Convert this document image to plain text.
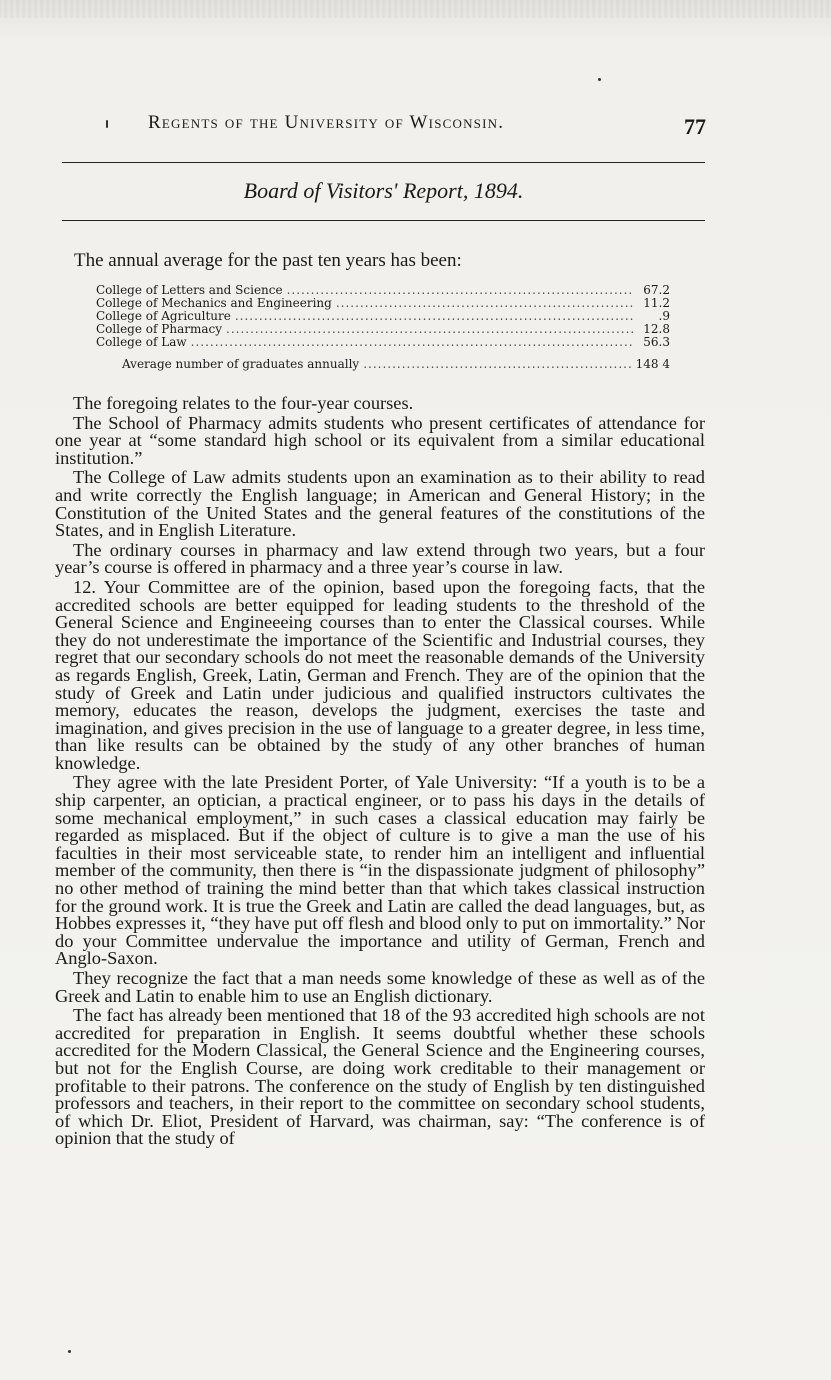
Regents of the University of Wisconsin.	77
Board of Visitors' Report, 1894.
The annual average for the past ten years has been:
College of Letters and Science .....	67.2
College of Mechanics and Engineering .....	11.2
College of Agriculture .....	.9
College of Pharmacy .....	12.8
College of Law .....	56.3
Average number of graduates annually .....	148 4

The foregoing relates to the four-year courses.

The School of Pharmacy admits students who present certificates of attendance for one year at “some standard high school or its equivalent from a similar educational institution.”

The College of Law admits students upon an examination as to their ability to read and write correctly the English language; in American and General History; in the Constitution of the United States and the general features of the constitutions of the States, and in English Literature.

The ordinary courses in pharmacy and law extend through two years, but a four year’s course is offered in pharmacy and a three year’s course in law.

12. Your Committee are of the opinion, based upon the foregoing facts, that the accredited schools are better equipped for leading students to the threshold of the General Science and Engineeeing courses than to enter the Classical courses. While they do not underestimate the importance of the Scientific and Industrial courses, they regret that our secondary schools do not meet the reasonable demands of the University as regards English, Greek, Latin, German and French. They are of the opinion that the study of Greek and Latin under judicious and qualified instructors cultivates the memory, educates the reason, develops the judgment, exercises the taste and imagination, and gives precision in the use of language to a greater degree, in less time, than like results can be obtained by the study of any other branches of human knowledge.

They agree with the late President Porter, of Yale University: “If a youth is to be a ship carpenter, an optician, a practical engineer, or to pass his days in the details of some mechanical employment,” in such cases a classical education may fairly be regarded as misplaced. But if the object of culture is to give a man the use of his faculties in their most serviceable state, to render him an intelligent and influential member of the community, then there is “in the dispassionate judgment of philosophy” no other method of training the mind better than that which takes classical instruction for the ground work. It is true the Greek and Latin are called the dead languages, but, as Hobbes expresses it, “they have put off flesh and blood only to put on immortality.” Nor do your Committee undervalue the importance and utility of German, French and Anglo-Saxon.

They recognize the fact that a man needs some knowledge of these as well as of the Greek and Latin to enable him to use an English dictionary.

The fact has already been mentioned that 18 of the 93 accredited high schools are not accredited for preparation in English. It seems doubtful whether these schools accredited for the Modern Classical, the General Science and the Engineering courses, but not for the English Course, are doing work creditable to their management or profitable to their patrons. The conference on the study of English by ten distinguished professors and teachers, in their report to the committee on secondary school students, of which Dr. Eliot, President of Harvard, was chairman, say: “The conference is of opinion that the study of
